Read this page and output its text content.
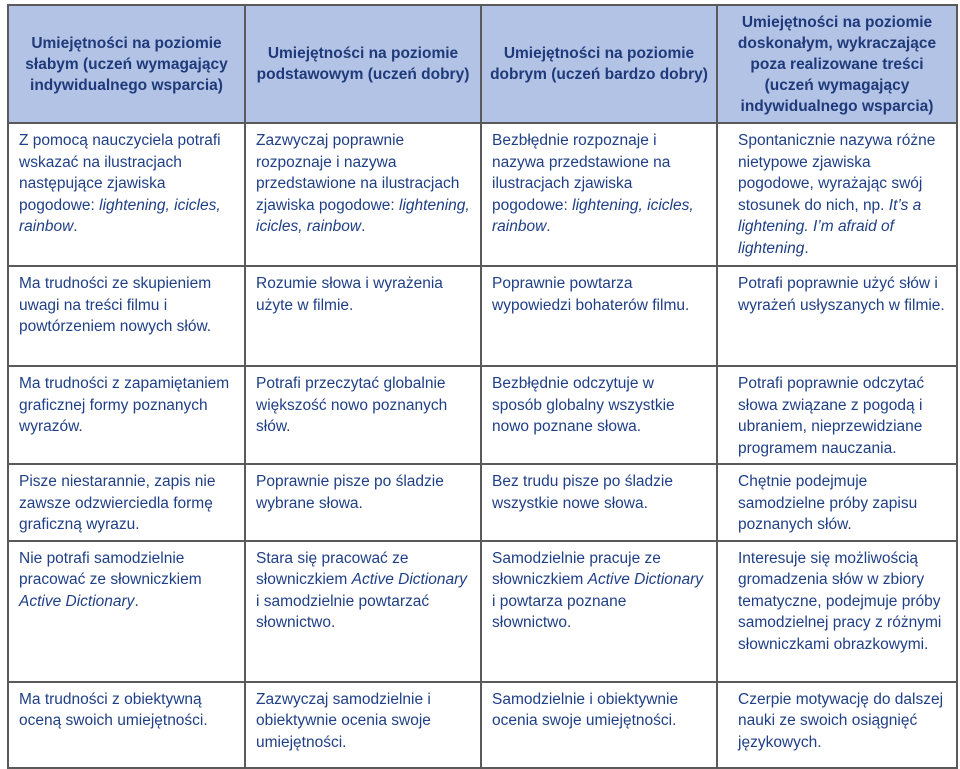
Umiejętności na poziomie słabym (uczeń wymagający indywidualnego wsparcia)	Umiejętności na poziomie podstawowym (uczeń dobry)	Umiejętności na poziomie dobrym (uczeń bardzo dobry)	Umiejętności na poziomie doskonałym, wykraczające poza realizowane treści (uczeń wymagający indywidualnego wsparcia)

Z pomocą nauczyciela potrafi wskazać na ilustracjach następujące zjawiska pogodowe: lightening, icicles, rainbow.	Zazwyczaj poprawnie rozpoznaje i nazywa przedstawione na ilustracjach zjawiska pogodowe: lightening, icicles, rainbow.	Bezbłędnie rozpoznaje i nazywa przedstawione na ilustracjach zjawiska pogodowe: lightening, icicles, rainbow.	Spontanicznie nazywa różne nietypowe zjawiska pogodowe, wyrażając swój stosunek do nich, np. It’s a lightening. I’m afraid of lightening.

Ma trudności ze skupieniem uwagi na treści filmu i powtórzeniem nowych słów.	Rozumie słowa i wyrażenia użyte w filmie.	Poprawnie powtarza wypowiedzi bohaterów filmu.	Potrafi poprawnie użyć słów i wyrażeń usłyszanych w filmie.

Ma trudności z zapamiętaniem graficznej formy poznanych wyrazów.	Potrafi przeczytać globalnie większość nowo poznanych słów.	Bezbłędnie odczytuje w sposób globalny wszystkie nowo poznane słowa.	Potrafi poprawnie odczytać słowa związane z pogodą i ubraniem, nieprzewidziane programem nauczania.

Pisze niestarannie, zapis nie zawsze odzwierciedla formę graficzną wyrazu.	Poprawnie pisze po śladzie wybrane słowa.	Bez trudu pisze po śladzie wszystkie nowe słowa.	Chętnie podejmuje samodzielne próby zapisu poznanych słów.

Nie potrafi samodzielnie pracować ze słowniczkiem Active Dictionary.	Stara się pracować ze słowniczkiem Active Dictionary i samodzielnie powtarzać słownictwo.	Samodzielnie pracuje ze słowniczkiem Active Dictionary i powtarza poznane słownictwo.	Interesuje się możliwością gromadzenia słów w zbiory tematyczne, podejmuje próby samodzielnej pracy z różnymi słowniczkami obrazkowymi.

Ma trudności z obiektywną oceną swoich umiejętności.	Zazwyczaj samodzielnie i obiektywnie ocenia swoje umiejętności.	Samodzielnie i obiektywnie ocenia swoje umiejętności.	Czerpie motywację do dalszej nauki ze swoich osiągnięć językowych.
